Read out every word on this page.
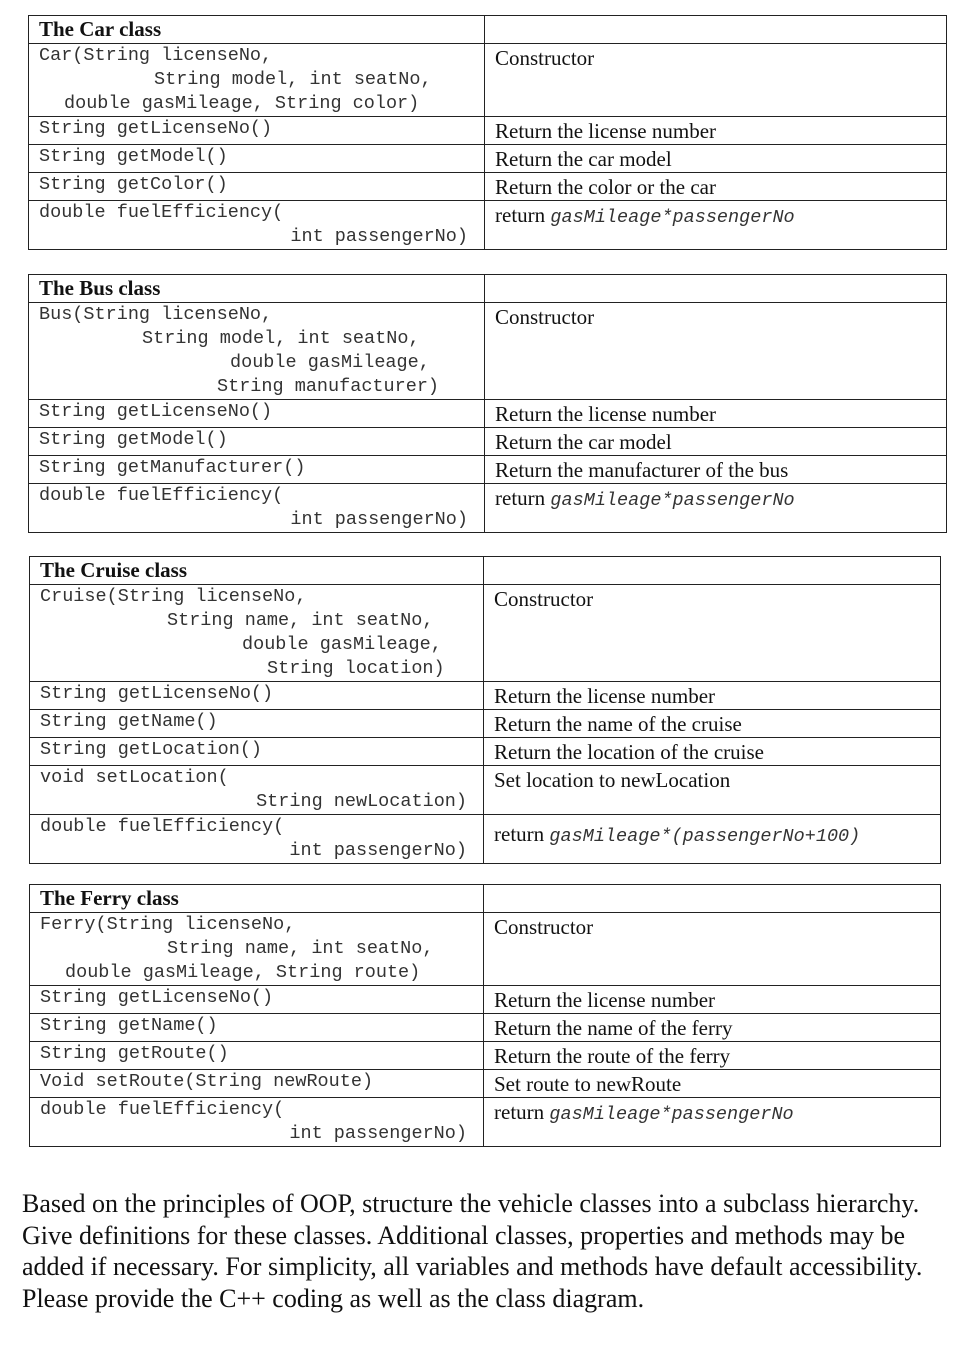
The Car class	

Car(String licenseNo,
String model, int seatNo,
double gasMileage, String color)	Constructor

String getLicenseNo()	Return the license number

String getModel()	Return the car model

String getColor()	Return the color or the car

double fuelEfficiency(
int passengerNo)	return gasMileage*passengerNo
The Bus class	

Bus(String licenseNo,
String model, int seatNo,
double gasMileage,
String manufacturer)	Constructor

String getLicenseNo()	Return the license number

String getModel()	Return the car model

String getManufacturer()	Return the manufacturer of the bus

double fuelEfficiency(
int passengerNo)	return gasMileage*passengerNo
The Cruise class	

Cruise(String licenseNo,
String name, int seatNo,
double gasMileage,
String location)	Constructor

String getLicenseNo()	Return the license number

String getName()	Return the name of the cruise

String getLocation()	Return the location of the cruise

void setLocation(
String newLocation)	Set location to newLocation

double fuelEfficiency(
int passengerNo)	return gasMileage*(passengerNo+100)
The Ferry class	

Ferry(String licenseNo,
String name, int seatNo,
double gasMileage, String route)	Constructor

String getLicenseNo()	Return the license number

String getName()	Return the name of the ferry

String getRoute()	Return the route of the ferry

Void setRoute(String newRoute)	Set route to newRoute

double fuelEfficiency(
int passengerNo)	return gasMileage*passengerNo

Based on the principles of OOP, structure the vehicle classes into a subclass hierarchy. Give definitions for these classes. Additional classes, properties and methods may be added if necessary. For simplicity, all variables and methods have default accessibility. Please provide the C++ coding as well as the class diagram.
